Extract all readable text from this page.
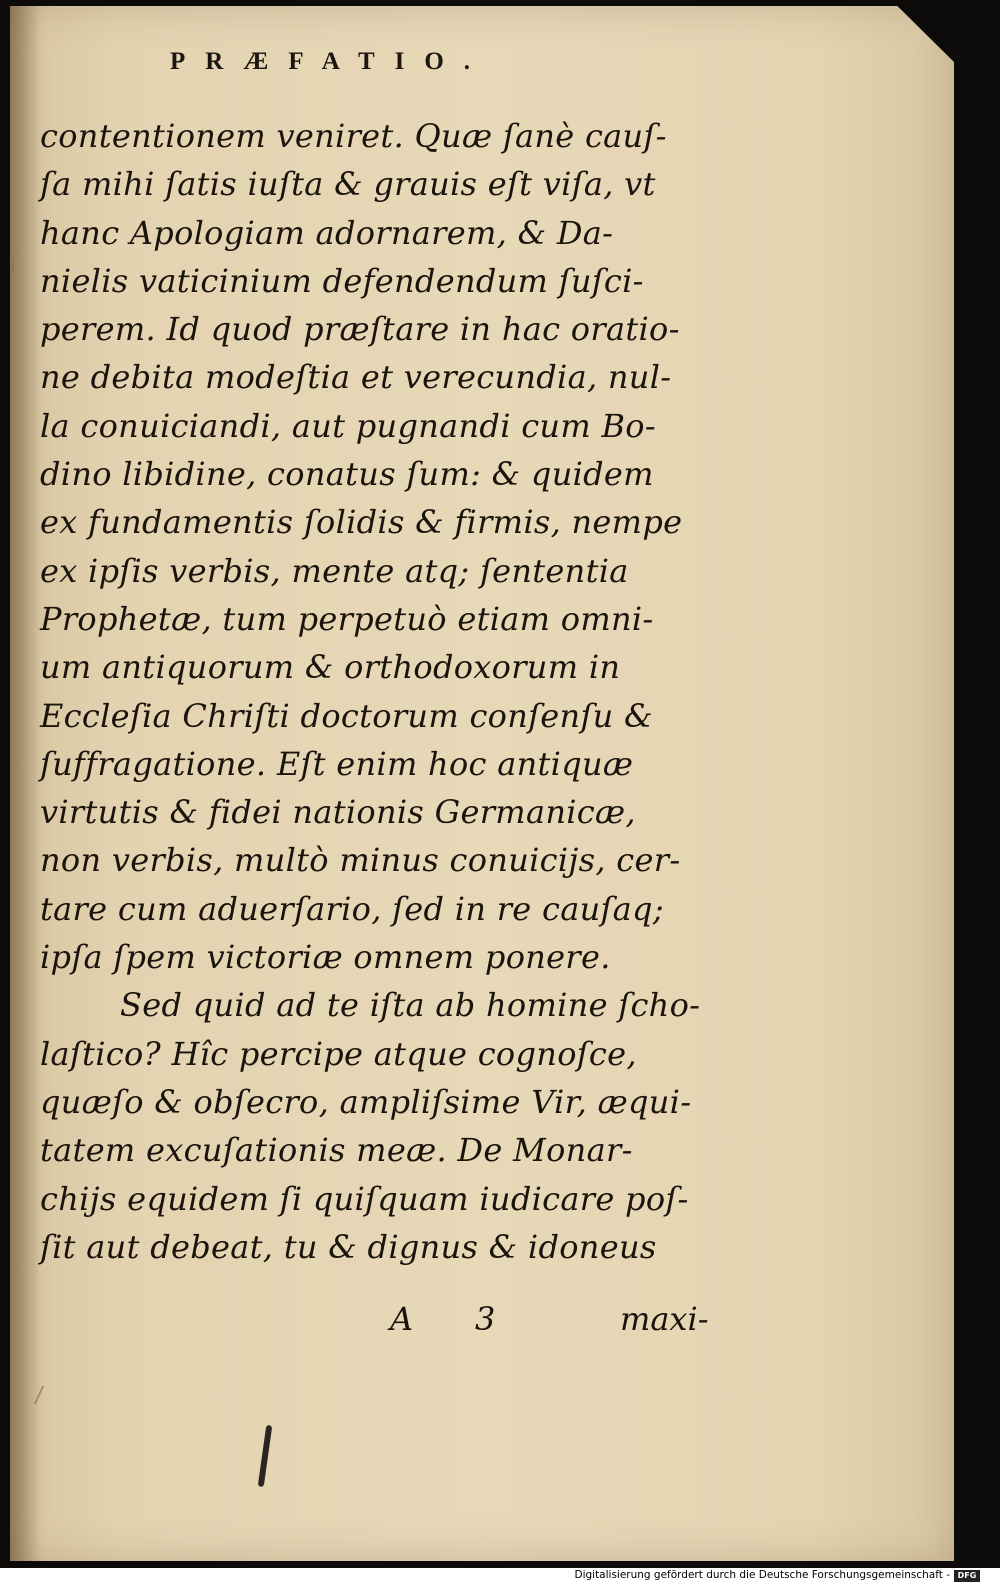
PRÆFATIO.
contentionem veniret. Quæ ſanè cauſ-
ſa mihi ſatis iuſta & grauis eſt viſa, vt
hanc Apologiam adornarem, & Da-
nielis vaticinium defendendum ſuſci-
perem. Id quod præſtare in hac oratio-
ne debita modeſtia et verecundia, nul-
la conuiciandi, aut pugnandi cum Bo-
dino libidine, conatus ſum: & quidem
ex fundamentis ſolidis & firmis, nempe
ex ipſis verbis, mente atq; ſententia
Prophetæ, tum perpetuò etiam omni-
um antiquorum & orthodoxorum in
Eccleſia Chriſti doctorum conſenſu &
ſuffragatione. Eſt enim hoc antiquæ
virtutis & fidei nationis Germanicæ,
non verbis, multò minus conuicijs, cer-
tare cum aduerſario, ſed in re cauſaq;
ipſa ſpem victoriæ omnem ponere.
Sed quid ad te iſta ab homine ſcho-
laſtico? Hîc percipe atque cognoſce,
quæſo & obſecro, ampliſsime Vir, æqui-
tatem excuſationis meæ. De Monar-
chijs equidem ſi quiſquam iudicare poſ-
ſit aut debeat, tu & dignus & idoneus
A 3	maxi-
Digitalisierung gefördert durch die Deutsche Forschungsgemeinschaft - DFG
